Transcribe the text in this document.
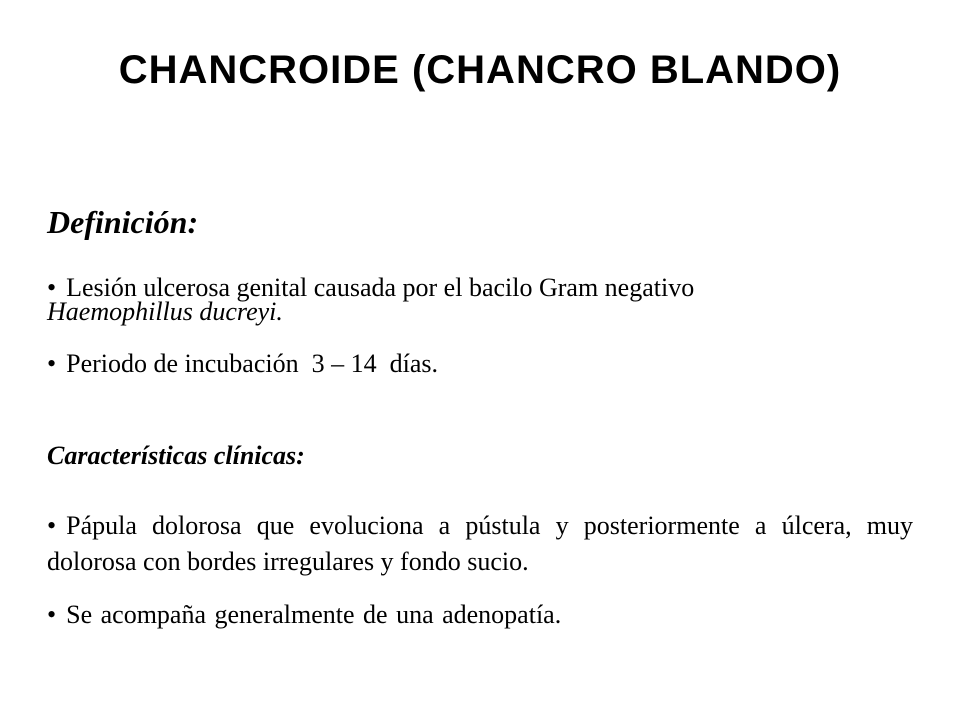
CHANCROIDE (CHANCRO BLANDO)
Definición:
• Lesión ulcerosa genital causada por el bacilo Gram negativo
Haemophillus ducreyi.
• Periodo de incubación  3 – 14  días.
Características clínicas:
• Pápula dolorosa que evoluciona a pústula y posteriormente a úlcera, muy dolorosa con bordes irregulares y fondo sucio.
• Se acompaña generalmente de una adenopatía.
